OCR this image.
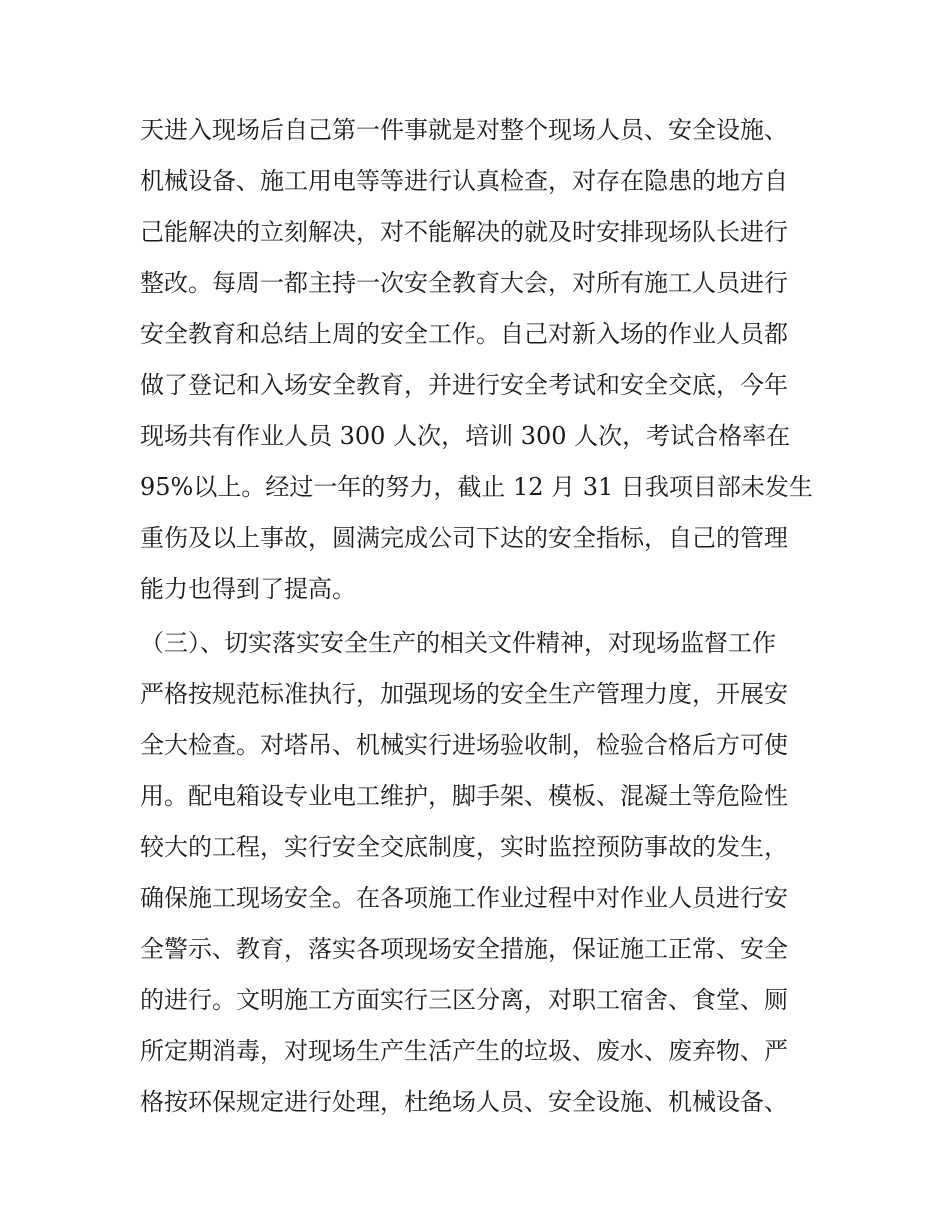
天进入现场后自己第一件事就是对整个现场人员、安全设施、
机械设备、施工用电等等进行认真检查，对存在隐患的地方自
己能解决的立刻解决，对不能解决的就及时安排现场队长进行
整改。每周一都主持一次安全教育大会，对所有施工人员进行
安全教育和总结上周的安全工作。自己对新入场的作业人员都
做了登记和入场安全教育，并进行安全考试和安全交底，今年
现场共有作业人员 300 人次，培训 300 人次，考试合格率在
95%以上。经过一年的努力，截止 12 月 31 日我项目部未发生
重伤及以上事故，圆满完成公司下达的安全指标，自己的管理
能力也得到了提高。
（三）、切实落实安全生产的相关文件精神，对现场监督工作
严格按规范标准执行，加强现场的安全生产管理力度，开展安
全大检查。对塔吊、机械实行进场验收制，检验合格后方可使
用。配电箱设专业电工维护，脚手架、模板、混凝土等危险性
较大的工程，实行安全交底制度，实时监控预防事故的发生，
确保施工现场安全。在各项施工作业过程中对作业人员进行安
全警示、教育，落实各项现场安全措施，保证施工正常、安全
的进行。文明施工方面实行三区分离，对职工宿舍、食堂、厕
所定期消毒，对现场生产生活产生的垃圾、废水、废弃物、严
格按环保规定进行处理，杜绝场人员、安全设施、机械设备、
